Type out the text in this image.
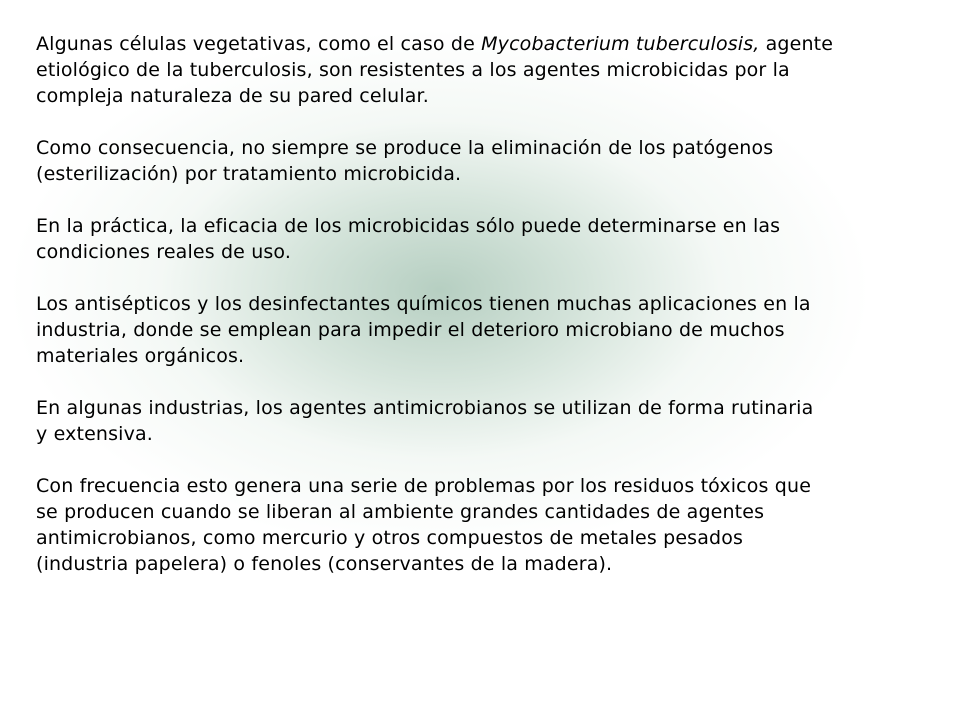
Algunas células vegetativas, como el caso de Mycobacterium tuberculosis, agente
etiológico de la tuberculosis, son resistentes a los agentes microbicidas por la
compleja naturaleza de su pared celular.

Como consecuencia, no siempre se produce la eliminación de los patógenos
(esterilización) por tratamiento microbicida.

En la práctica, la eficacia de los microbicidas sólo puede determinarse en las
condiciones reales de uso.

Los antisépticos y los desinfectantes químicos tienen muchas aplicaciones en la
industria, donde se emplean para impedir el deterioro microbiano de muchos
materiales orgánicos.

En algunas industrias, los agentes antimicrobianos se utilizan de forma rutinaria
y extensiva.

Con frecuencia esto genera una serie de problemas por los residuos tóxicos que
se producen cuando se liberan al ambiente grandes cantidades de agentes
antimicrobianos, como mercurio y otros compuestos de metales pesados
(industria papelera) o fenoles (conservantes de la madera).
